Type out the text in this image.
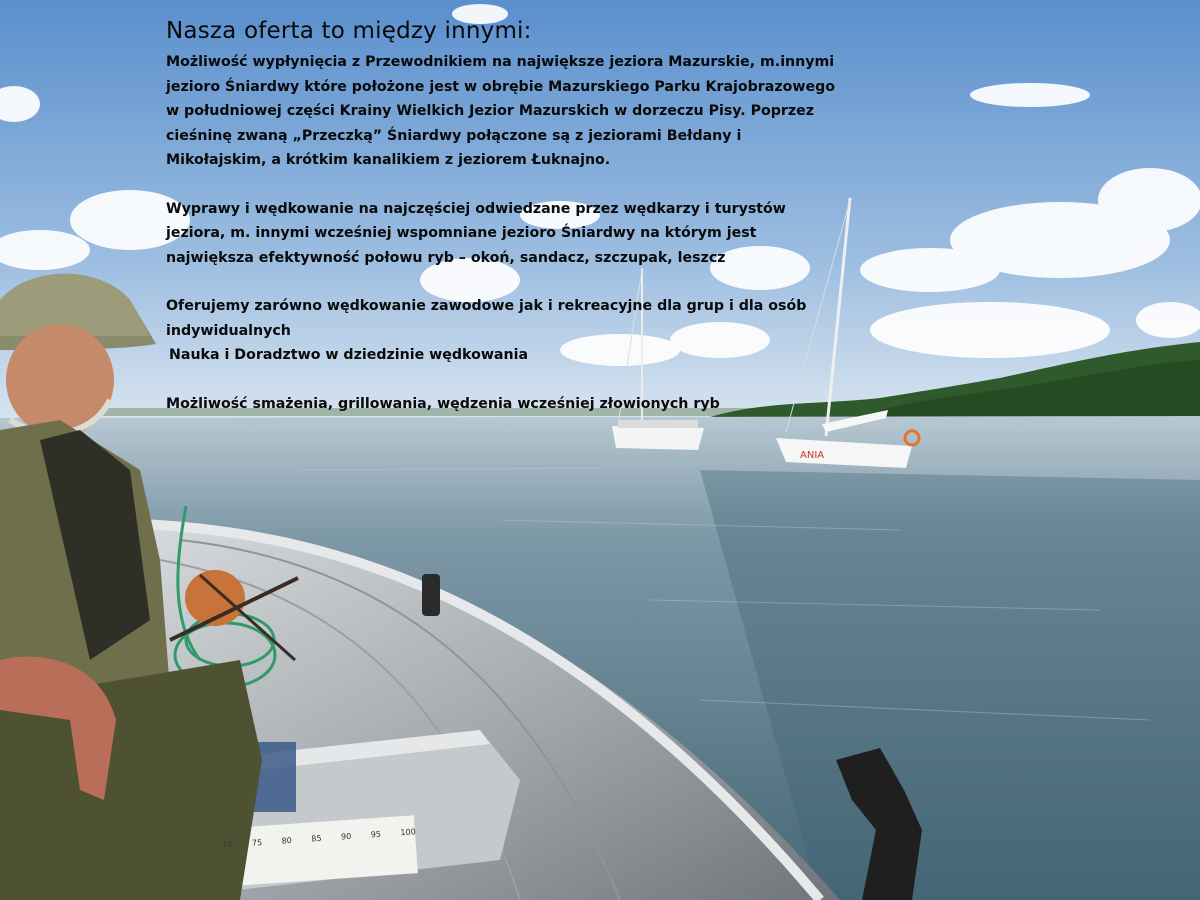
ANIA
70 75 80 85 90 95 100
Nasza oferta to między innymi:

Możliwość wypłynięcia z Przewodnikiem na największe jeziora Mazurskie, m.innymi jezioro Śniardwy które położone jest w obrębie Mazurskiego Parku Krajobrazowego w południowej części Krainy Wielkich Jezior Mazurskich w dorzeczu Pisy. Poprzez cieśninę zwaną „Przeczką” Śniardwy połączone są z jeziorami Bełdany i Mikołajskim, a krótkim kanalikiem z jeziorem Łuknajno.

Wyprawy i wędkowanie na najczęściej odwiedzane przez wędkarzy i turystów jeziora, m. innymi wcześniej wspomniane jezioro Śniardwy na którym jest największa efektywność połowu ryb – okoń, sandacz, szczupak, leszcz

Oferujemy zarówno wędkowanie zawodowe jak i rekreacyjne dla grup i dla osób indywidualnych

Nauka i Doradztwo w dziedzinie wędkowania

Możliwość smażenia, grillowania, wędzenia wcześniej złowionych ryb
